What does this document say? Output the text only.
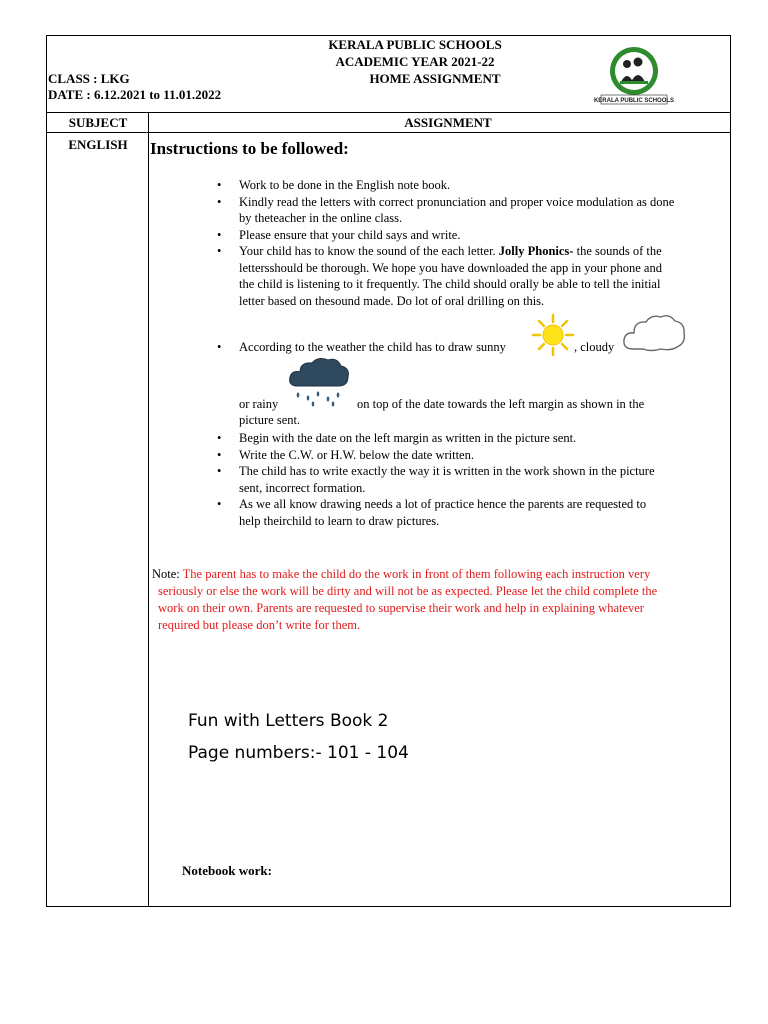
KERALA PUBLIC SCHOOLS
ACADEMIC YEAR 2021-22
HOME ASSIGNMENT
CLASS : LKG
DATE : 6.12.2021 to 11.01.2022	KERALA PUBLIC SCHOOLS
SUBJECT	ASSIGNMENT
ENGLISH	Instructions to be followed:
• Work to be done in the English note book.
• Kindly read the letters with correct pronunciation and proper voice modulation as done
by theteacher in the online class.
• Please ensure that your child says and write.
• Your child has to know the sound of the each letter. Jolly Phonics- the sounds of the
lettersshould be thorough. We hope you have downloaded the app in your phone and
the child is listening to it frequently. The child should orally be able to tell the initial
letter based on thesound made. Do lot of oral drilling on this.
• According to the weather the child has to draw sunny	, cloudy
or rainy	on top of the date towards the left margin as shown in the
picture sent.
• Begin with the date on the left margin as written in the picture sent.
• Write the C.W. or H.W. below the date written.
• The child has to write exactly the way it is written in the work shown in the picture
sent, incorrect formation.
• As we all know drawing needs a lot of practice hence the parents are requested to
help theirchild to learn to draw pictures.
Note: The parent has to make the child do the work in front of them following each instruction very
seriously or else the work will be dirty and will not be as expected. Please let the child complete the
work on their own. Parents are requested to supervise their work and help in explaining whatever
required but please don’t write for them.
Fun with Letters Book 2
Page numbers:- 101 - 104
Notebook work:
